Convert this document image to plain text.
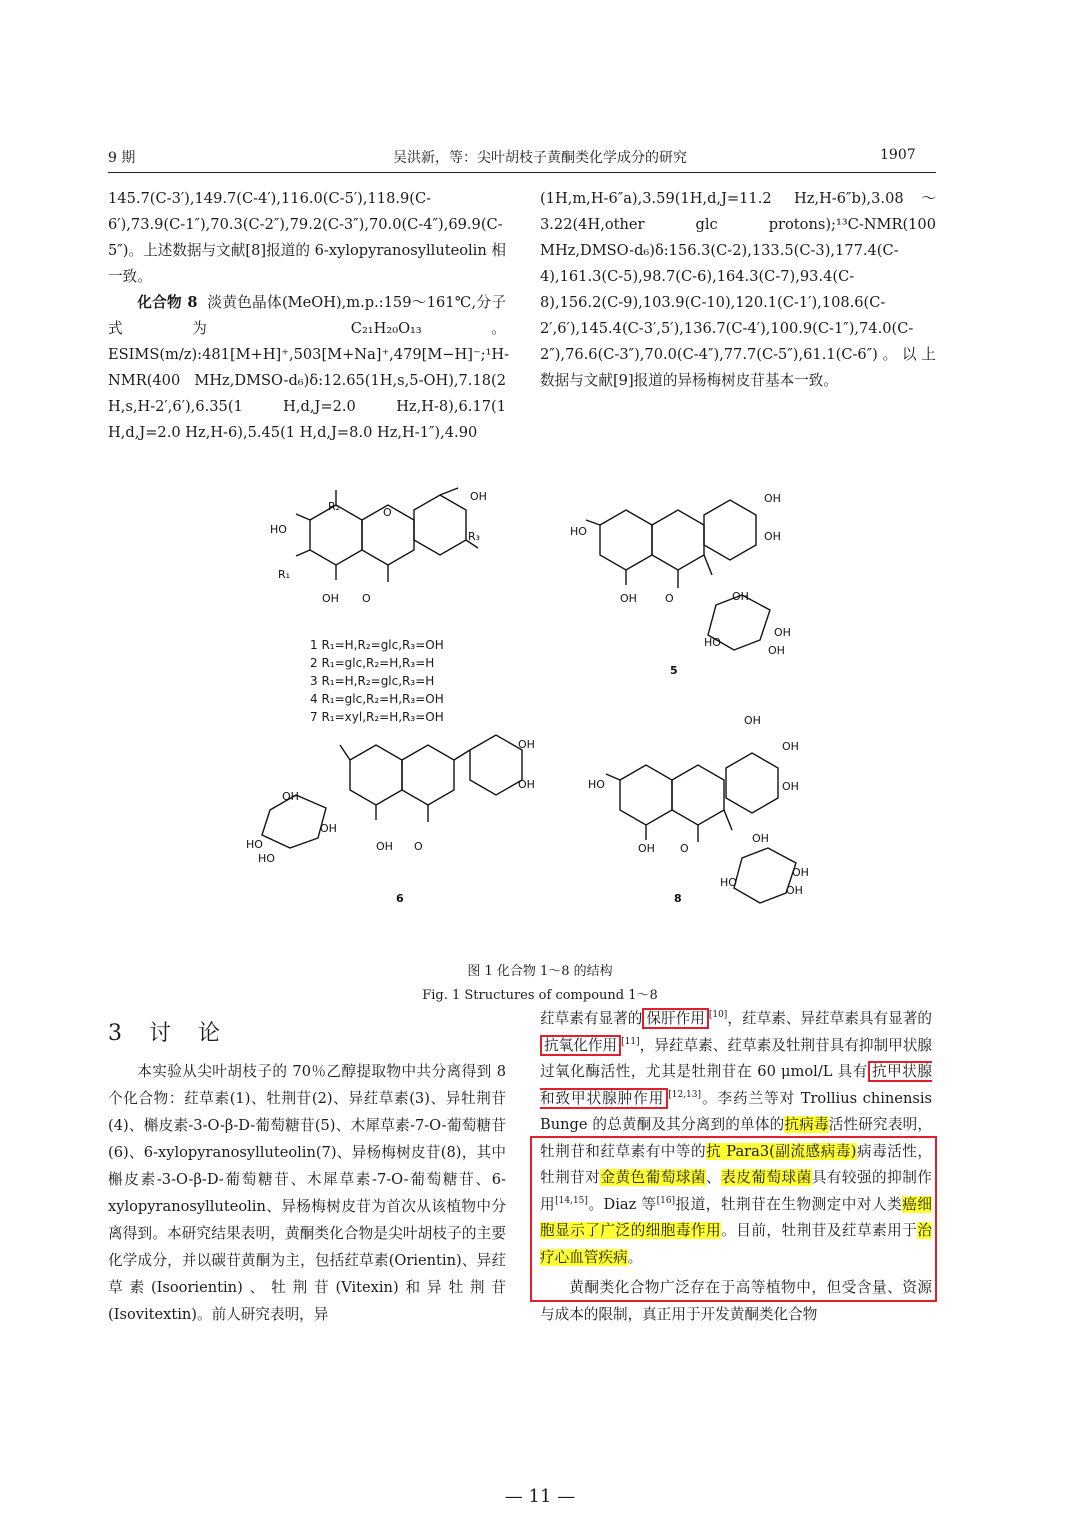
9 期	吴洪新，等：尖叶胡枝子黄酮类化学成分的研究	1907

145.7(C-3′),149.7(C-4′),116.0(C-5′),118.9(C-6′),73.9(C-1″),70.3(C-2″),79.2(C-3″),70.0(C-4″),69.9(C-5″)。上述数据与文献[8]报道的 6-xylopyranosylluteolin 相一致。

化合物 8 淡黄色晶体(MeOH),m.p.:159～161℃,分子式为 C₂₁H₂₀O₁₃。ESIMS(m/z):481[M+H]⁺,503[M+Na]⁺,479[M−H]⁻;¹H-NMR(400 MHz,DMSO-d₆)δ:12.65(1H,s,5-OH),7.18(2 H,s,H-2′,6′),6.35(1 H,d,J=2.0 Hz,H-8),6.17(1 H,d,J=2.0 Hz,H-6),5.45(1 H,d,J=8.0 Hz,H-1″),4.90

(1H,m,H-6″a),3.59(1H,d,J=11.2 Hz,H-6″b),3.08～3.22(4H,other glc protons);¹³C-NMR(100 MHz,DMSO-d₆)δ:156.3(C-2),133.5(C-3),177.4(C-4),161.3(C-5),98.7(C-6),164.3(C-7),93.4(C-8),156.2(C-9),103.9(C-10),120.1(C-1′),108.6(C-2′,6′),145.4(C-3′,5′),136.7(C-4′),100.9(C-1″),74.0(C-2″),76.6(C-3″),70.0(C-4″),77.7(C-5″),61.1(C-6″)。以上数据与文献[9]报道的异杨梅树皮苷基本一致。

OH
HO
R₂
R₁
R₃
OH
O
O
OH
OH
HO
OH	O	OH
OH
OH
HO
OH
OH
OH
OH
HO
HO
OH O
OH
OH
OH
HO
OH O
OH
OH
OH
HO
5
6	8
1 R₁=H,R₂=glc,R₃=OH
2 R₁=glc,R₂=H,R₃=H
3 R₁=H,R₂=glc,R₃=H
4 R₁=glc,R₂=H,R₃=OH
7 R₁=xyl,R₂=H,R₃=OH
图 1 化合物 1～8 的结构
Fig. 1 Structures of compound 1～8
3 讨 论

本实验从尖叶胡枝子的 70％乙醇提取物中共分离得到 8 个化合物：荭草素(1)、牡荆苷(2)、异荭草素(3)、异牡荆苷(4)、槲皮素-3-O-β-D-葡萄糖苷(5)、木犀草素-7-O-葡萄糖苷(6)、6-xylopyranosylluteolin(7)、异杨梅树皮苷(8)，其中槲皮素-3-O-β-D-葡萄糖苷、木犀草素-7-O-葡萄糖苷、6-xylopyranosylluteolin、异杨梅树皮苷为首次从该植物中分离得到。本研究结果表明，黄酮类化合物是尖叶胡枝子的主要化学成分，并以碳苷黄酮为主，包括荭草素(Orientin)、异荭草素(Isoorientin)、牡荆苷(Vitexin)和异牡荆苷(Isovitextin)。前人研究表明，异

荭草素有显著的 保肝作用 [10]，荭草素、异荭草素具有显著的抗氧化作用 [11]，异荭草素、荭草素及牡荆苷具有抑制甲状腺过氧化酶活性，尤其是牡荆苷在 60 μmol/L 具有 抗甲状腺和致甲状腺肿作用 [12,13]。李药兰等对 Trollius chinensis Bunge 的总黄酮及其分离到的单体的抗病毒活性研究表明，牡荆苷和荭草素有中等的抗 Para3(副流感病毒)病毒活性，牡荆苷对金黄色葡萄球菌、表皮葡萄球菌具有较强的抑制作用[14,15]。Diaz 等[16]报道，牡荆苷在生物测定中对人类癌细胞显示了广泛的细胞毒作用。目前，牡荆苷及荭草素用于治疗心血管疾病。

黄酮类化合物广泛存在于高等植物中，但受含量、资源与成本的限制，真正用于开发黄酮类化合物

— 11 —
